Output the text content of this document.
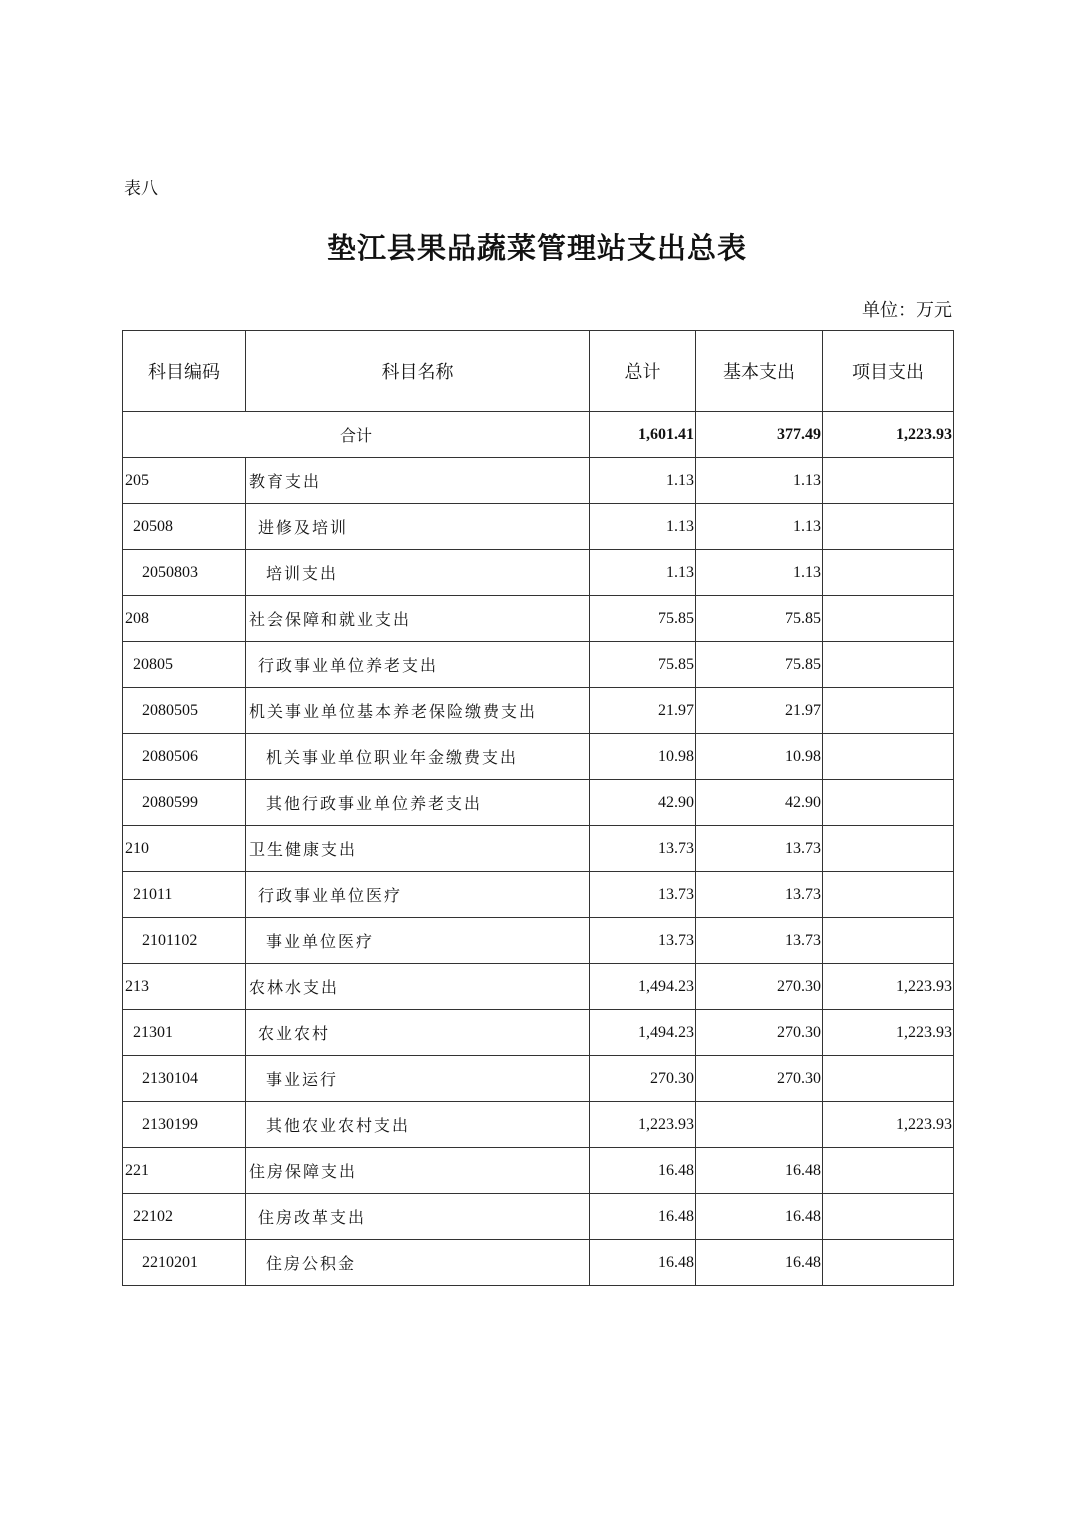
表八
垫江县果品蔬菜管理站支出总表
单位：万元
科目编码	科目名称	总计	基本支出	项目支出
合计		1,601.41	377.49	1,223.93
205	教育支出	1.13	1.13	
20508	进修及培训	1.13	1.13	
2050803	培训支出	1.13	1.13	
208	社会保障和就业支出	75.85	75.85	
20805	行政事业单位养老支出	75.85	75.85	
2080505	机关事业单位基本养老保险缴费支出	21.97	21.97	
2080506	机关事业单位职业年金缴费支出	10.98	10.98	
2080599	其他行政事业单位养老支出	42.90	42.90	
210	卫生健康支出	13.73	13.73	
21011	行政事业单位医疗	13.73	13.73	
2101102	事业单位医疗	13.73	13.73	
213	农林水支出	1,494.23	270.30	1,223.93
21301	农业农村	1,494.23	270.30	1,223.93
2130104	事业运行	270.30	270.30	
2130199	其他农业农村支出	1,223.93		1,223.93
221	住房保障支出	16.48	16.48	
22102	住房改革支出	16.48	16.48	
2210201	住房公积金	16.48	16.48	
